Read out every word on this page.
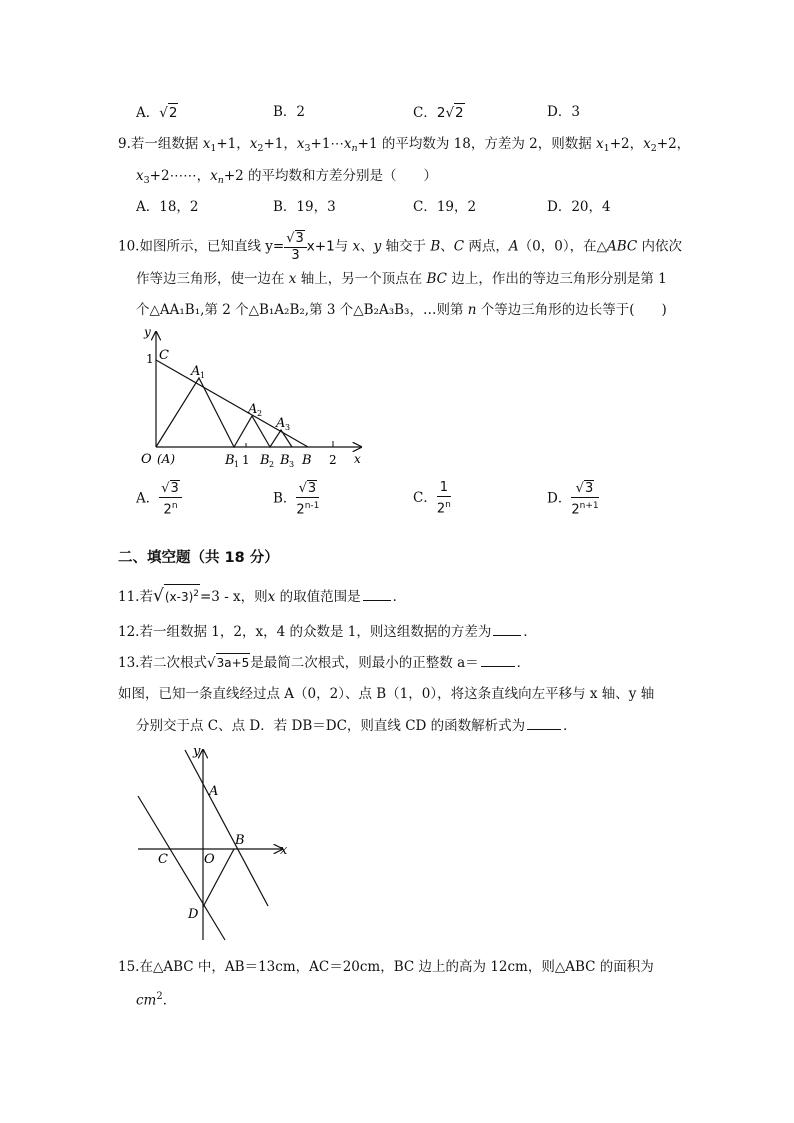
A．√2	B．2	C．2√2	D．3
9.若一组数据 $x_1+1$，$x_2+1$，$x_3+1\cdots x_n+1$ 的平均数为 18，方差为 2，则数据 $x_1+2$，$x_2+2$，
$x_3+2\cdots\cdots$，$x_n+2$ 的平均数和方差分别是（　　）
A．18，2	B．19，3	C．19，2	D．20，4
10.如图所示，已知直线 $y= \frac{√3}{3} x+1$与 x、y 轴交于 B、C 两点，A（0，0），在△ABC 内依次
作等边三角形，使一边在 x 轴上，另一个顶点在 BC 边上，作出的等边三角形分别是第 1
个△AA₁B₁,第 2 个△B₁A₂B₂,第 3 个△B₂A₃B₃，…则第 n 个等边三角形的边长等于(　　)
y
x
1 C
A 1
A 2
A 3
O (A)	B 1 1 B 2 B 3 B 2
A． $\frac{√3}{2^n}$	B． $\frac{√3}{2^{n-1}}$	C． $\frac{1}{2^n}$	D． $\frac{√3}{2^{n+1}}$
二、填空题（共 18 分）
11.若$√(x-3)^2=3 - x$，则x 的取值范围是 ．
12.若一组数据 1，2，x，4 的众数是 1，则这组数据的方差为 ．
13.若二次根式√3a+5是最简二次根式，则最小的正整数 a＝	．
如图，已知一条直线经过点 A（0，2）、点 B（1，0），将这条直线向左平移与 x 轴、y 轴
分别交于点 C、点 D．若 DB＝DC，则直线 CD 的函数解析式为	．
y
x
A
B
C	O
D
15.在△ABC 中，AB＝13cm，AC＝20cm，BC 边上的高为 12cm，则△ABC 的面积为
$cm^2$．
